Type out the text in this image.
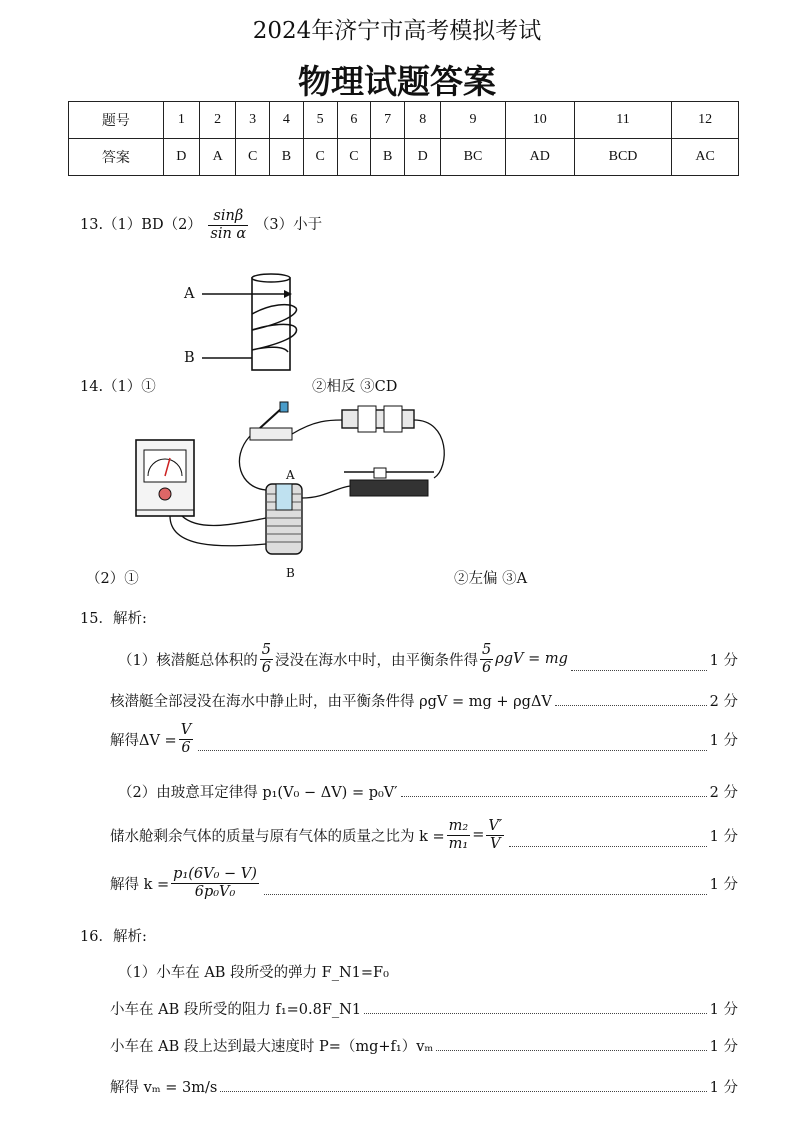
2024年济宁市高考模拟考试
物理试题答案
题号	1	2	3	4	5	6	7	8	9	10	11	12
答案	D	A	C	B	C	C	B	D	BC	AD	BCD	AC
$13.(1)BD(2) \frac{\sin\beta}{\text{sin α}} (3)$小于
A
B
14.（1）①	②相反 ③CD
A
B
（2）①	②左偏 ③A
15．解析:
（1）核潜艇总体积的 $\frac{5}{6}$ 浸没在海水中时，由平衡条件得 $\frac{5}{6}$ ρgV = mg	1 分
核潜艇全部浸没在海水中静止时，由平衡条件得 ρgV = mg + ρgΔV	2 分
解得$\Delta V = \frac{V}{6}$	1 分
（2）由玻意耳定律得 p₁(V₀ − ΔV) = p₀V′	2 分
储水舱剩余气体的质量与原有气体的质量之比为 $k = \frac{\text{m₂}}{\text{m₁}} = \frac{V'}{V}$	1 分
解得 $k = \frac{\text{p₁(6V₀ − V)}}{\text{6p₀V₀}}$	1 分
16．解析:
（1）小车在 AB 段所受的弹力 F_N1=F₀
小车在 AB 段所受的阻力 f₁=0.8F_N1	1 分
小车在 AB 段上达到最大速度时 P=（mg+f₁）vₘ	1 分
解得 vₘ = 3m/s	1 分
